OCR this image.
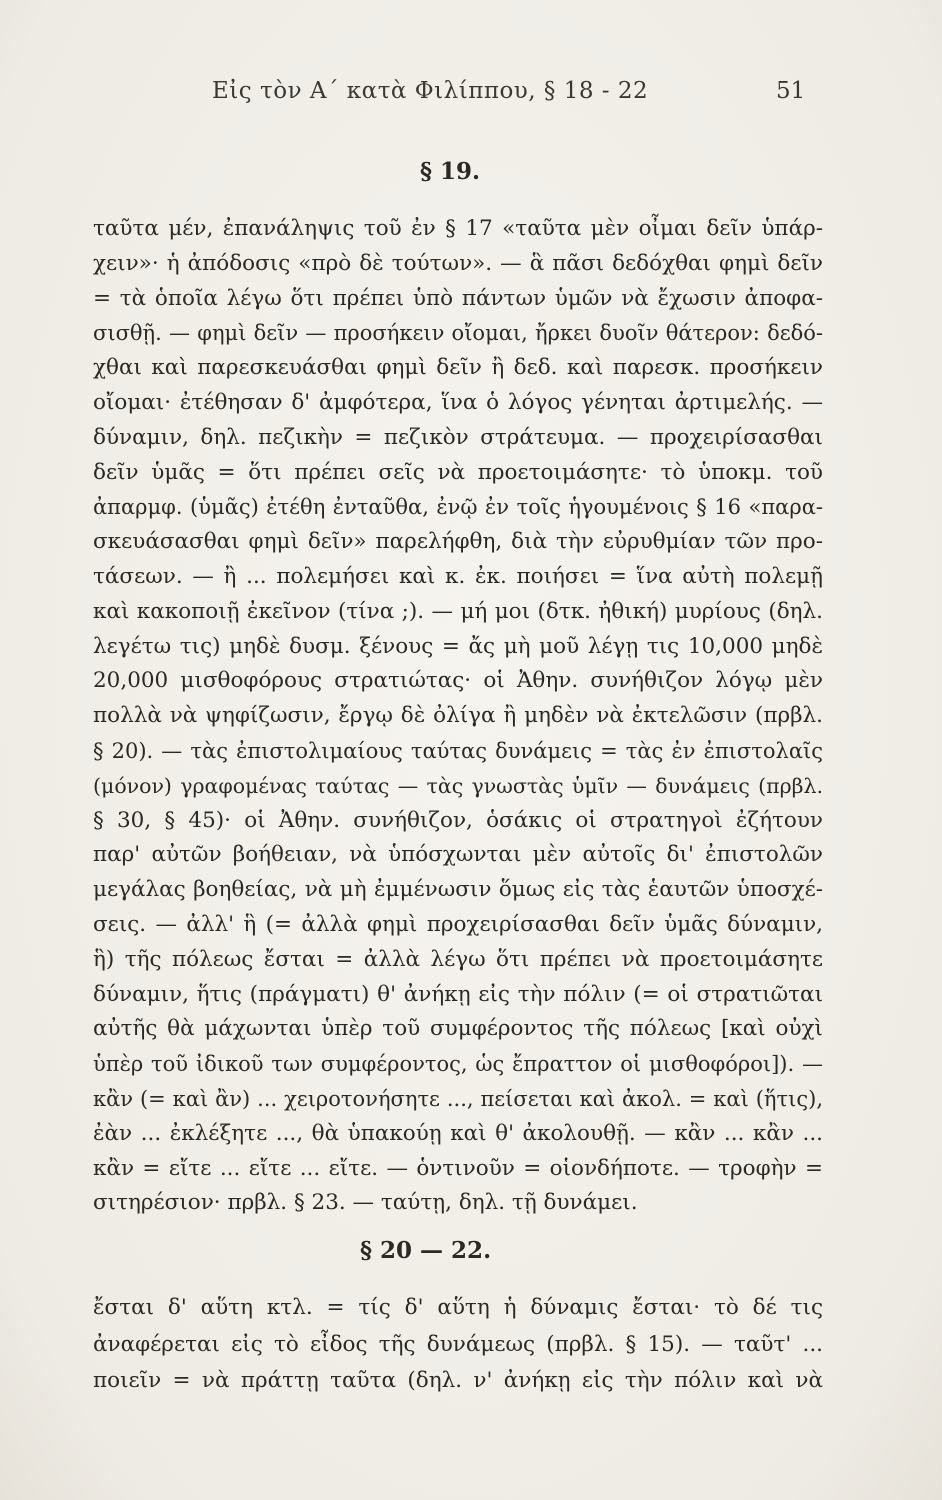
Εἰς τὸν Α΄ κατὰ Φιλίππου, § 18 - 22	51
§ 19.
ταῦτα μέν, ἐπανάληψις τοῦ ἐν § 17 «ταῦτα μὲν οἶμαι δεῖν ὑπάρ-
χειν»· ἡ ἀπόδοσις «πρὸ δὲ τούτων». — ἃ πᾶσι δεδόχθαι φημὶ δεῖν
= τὰ ὁποῖα λέγω ὅτι πρέπει ὑπὸ πάντων ὑμῶν νὰ ἔχωσιν ἀποφα-
σισθῇ. — φημὶ δεῖν — προσήκειν οἴομαι, ἤρκει δυοῖν θάτερον: δεδό-
χθαι καὶ παρεσκευάσθαι φημὶ δεῖν ἢ δεδ. καὶ παρεσκ. προσήκειν
οἴομαι· ἐτέθησαν δ' ἀμφότερα, ἵνα ὁ λόγος γένηται ἀρτιμελής. —
δύναμιν, δηλ. πεζικὴν = πεζικὸν στράτευμα. — προχειρίσασθαι
δεῖν ὑμᾶς = ὅτι πρέπει σεῖς νὰ προετοιμάσητε· τὸ ὑποκμ. τοῦ
ἀπαρμφ. (ὑμᾶς) ἐτέθη ἐνταῦθα, ἐνῷ ἐν τοῖς ἡγουμένοις § 16 «παρα-
σκευάσασθαι φημὶ δεῖν» παρελήφθη, διὰ τὴν εὐρυθμίαν τῶν προ-
τάσεων. — ἢ ... πολεμήσει καὶ κ. ἐκ. ποιήσει = ἵνα αὐτὴ πολεμῇ
καὶ κακοποιῇ ἐκεῖνον (τίνα ;). — μή μοι (δτκ. ἠθική) μυρίους (δηλ.
λεγέτω τις) μηδὲ δυσμ. ξένους = ἄς μὴ μοῦ λέγῃ τις 10,000 μηδὲ
20,000 μισθοφόρους στρατιώτας· οἱ Ἀθην. συνήθιζον λόγῳ μὲν
πολλὰ νὰ ψηφίζωσιν, ἔργῳ δὲ ὀλίγα ἢ μηδὲν νὰ ἐκτελῶσιν (πρβλ.
§ 20). — τὰς ἐπιστολιμαίους ταύτας δυνάμεις = τὰς ἐν ἐπιστολαῖς
(μόνον) γραφομένας ταύτας — τὰς γνωστὰς ὑμῖν — δυνάμεις (πρβλ.
§ 30, § 45)· οἱ Ἀθην. συνήθιζον, ὁσάκις οἱ στρατηγοὶ ἐζήτουν
παρ' αὐτῶν βοήθειαν, νὰ ὑπόσχωνται μὲν αὐτοῖς δι' ἐπιστολῶν
μεγάλας βοηθείας, νὰ μὴ ἐμμένωσιν ὅμως εἰς τὰς ἑαυτῶν ὑποσχέ-
σεις. — ἀλλ' ἣ (= ἀλλὰ φημὶ προχειρίσασθαι δεῖν ὑμᾶς δύναμιν,
ἣ) τῆς πόλεως ἔσται = ἀλλὰ λέγω ὅτι πρέπει νὰ προετοιμάσητε
δύναμιν, ἥτις (πράγματι) θ' ἀνήκῃ εἰς τὴν πόλιν (= οἱ στρατιῶται
αὐτῆς θὰ μάχωνται ὑπὲρ τοῦ συμφέροντος τῆς πόλεως [καὶ οὐχὶ
ὑπὲρ τοῦ ἰδικοῦ των συμφέροντος, ὡς ἔπραττον οἱ μισθοφόροι]). —
κἂν (= καὶ ἂν) ... χειροτονήσητε ..., πείσεται καὶ ἀκολ. = καὶ (ἥτις),
ἐὰν ... ἐκλέξητε ..., θὰ ὑπακούῃ καὶ θ' ἀκολουθῇ. — κἂν ... κἂν ...
κἂν = εἴτε ... εἴτε ... εἴτε. — ὁντινοῦν = οἱονδήποτε. — τροφὴν =
σιτηρέσιον· πρβλ. § 23. — ταύτῃ, δηλ. τῇ δυνάμει.
§ 20 — 22.
ἔσται δ' αὕτη κτλ. = τίς δ' αὕτη ἡ δύναμις ἔσται· τὸ δέ τις
ἀναφέρεται εἰς τὸ εἶδος τῆς δυνάμεως (πρβλ. § 15). — ταῦτ' ...
ποιεῖν = νὰ πράττῃ ταῦτα (δηλ. ν' ἀνήκῃ εἰς τὴν πόλιν καὶ νὰ
